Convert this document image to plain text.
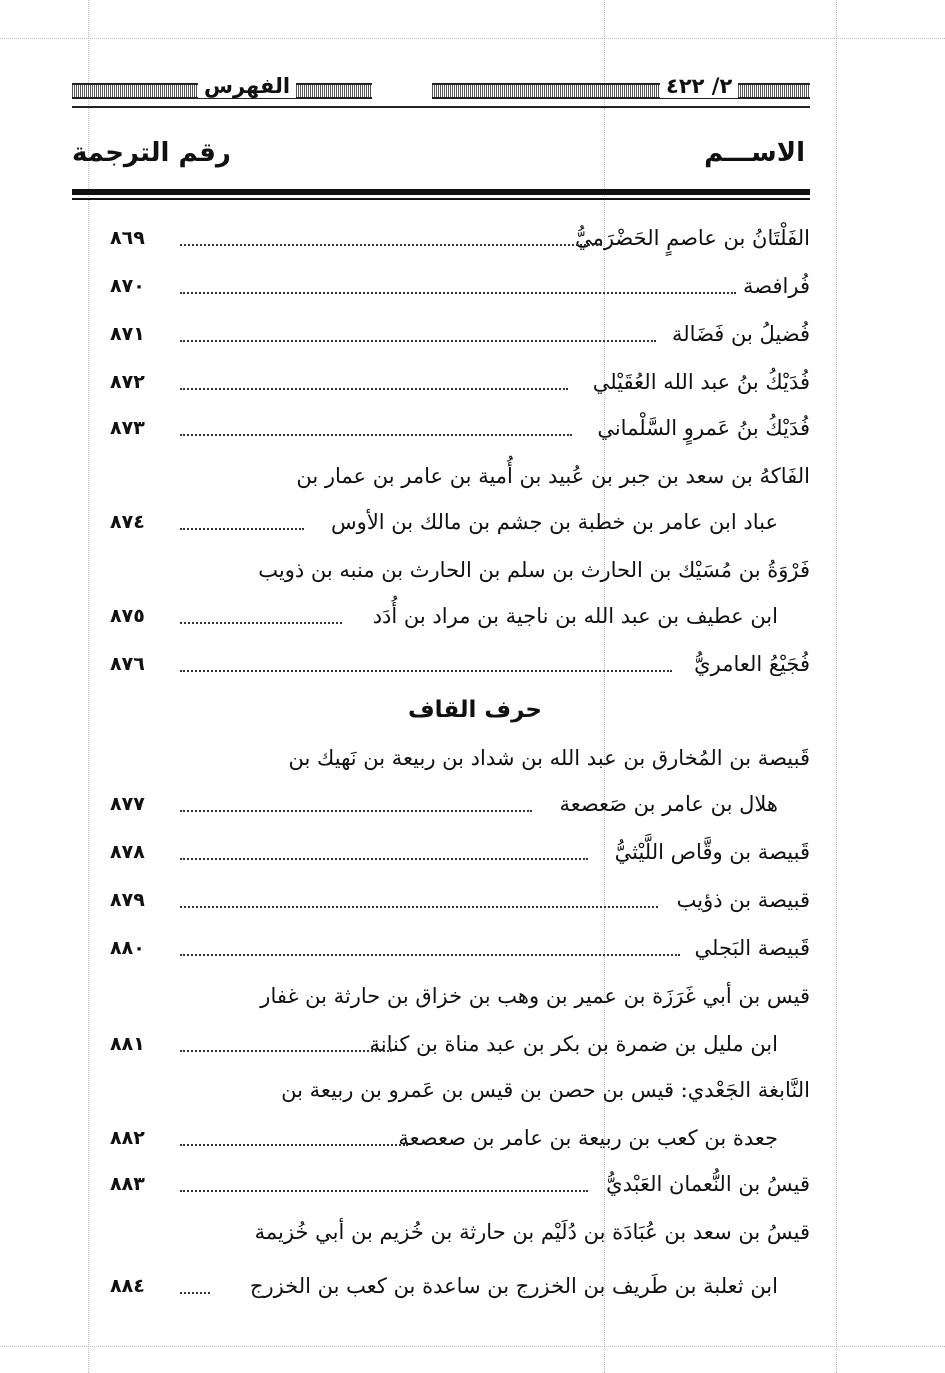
الفهرس	٢/ ٤٢٢
الاســـم
رقم الترجمة
الفَلْتَانُ بن عاصمٍ الحَضْرَميُّ
٨٦٩
فُرافصة
٨٧٠
فُضيلُ بن فَضَالة
٨٧١
فُدَيْكُ بنُ عبد الله العُقَيْلي
٨٧٢
فُدَيْكُ بنُ عَمروٍ السَّلْماني
٨٧٣
الفَاكهُ بن سعد بن جبر بن عُبيد بن أُمية بن عامر بن عمار بن
عباد ابن عامر بن خطبة بن جشم بن مالك بن الأوس
٨٧٤
فَرْوَةُ بن مُسَيْك بن الحارث بن سلم بن الحارث بن منبه بن ذويب
ابن عطيف بن عبد الله بن ناجية بن مراد بن أُدَد
٨٧٥
فُجَيْعُ العامريُّ
٨٧٦
حرف القاف
قَبيصة بن المُخارق بن عبد الله بن شداد بن ربيعة بن نَهيك بن
هلال بن عامر بن صَعصعة
٨٧٧
قَبيصة بن وقَّاص اللَّيْثيُّ
٨٧٨
قبيصة بن ذؤيب
٨٧٩
قَبيصة البَجلي
٨٨٠
قيس بن أبي غَرَزَة بن عمير بن وهب بن خزاق بن حارثة بن غفار
ابن مليل بن ضمرة بن بكر بن عبد مناة بن كنانة
٨٨١
النَّابغة الجَعْدي: قيس بن حصن بن قيس بن عَمرو بن ربيعة بن
جعدة بن كعب بن ربيعة بن عامر بن صعصعة
٨٨٢
قيسُ بن النُّعمان العَبْديُّ
٨٨٣
قيسُ بن سعد بن عُبَادَة بن دُلَيْم بن حارثة بن خُزيم بن أبي خُزيمة
ابن ثعلبة بن طَريف بن الخزرج بن ساعدة بن كعب بن الخزرج
٨٨٤
